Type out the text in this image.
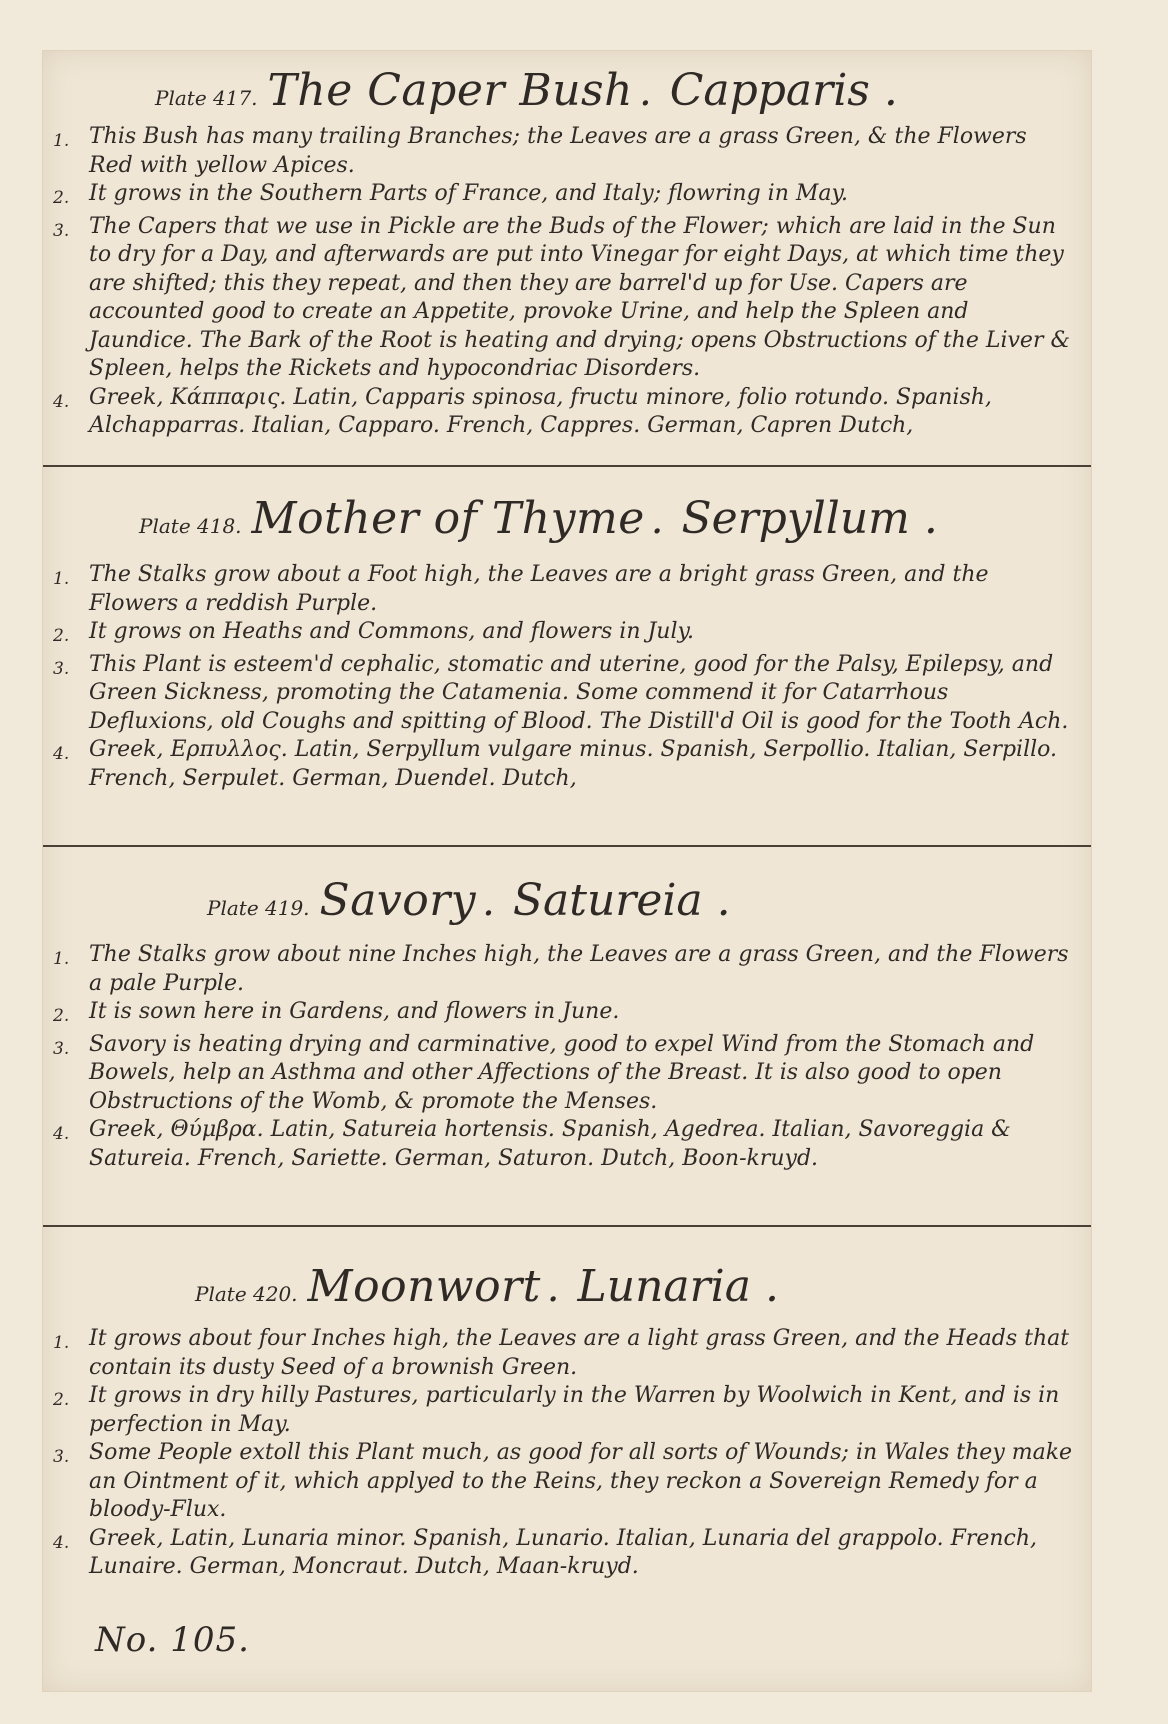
Plate 417. The Caper Bush . Capparis .
1. This Bush has many trailing Branches; the Leaves are a grass Green, & the Flowers Red with yellow Apices.
2. It grows in the Southern Parts of France, and Italy; flowring in May.
3. The Capers that we use in Pickle are the Buds of the Flower; which are laid in the Sun to dry for a Day, and afterwards are put into Vinegar for eight Days, at which time they are shifted; this they repeat, and then they are barrel'd up for Use. Capers are accounted good to create an Appetite, provoke Urine, and help the Spleen and Jaundice. The Bark of the Root is heating and drying; opens Obstructions of the Liver & Spleen, helps the Rickets and hypocondriac Disorders.
4. Greek, Κάππαρις. Latin, Capparis spinosa, fructu minore, folio rotundo. Spanish, Alchapparras. Italian, Capparo. French, Cappres. German, Capren Dutch,
Plate 418. Mother of Thyme . Serpyllum .
1. The Stalks grow about a Foot high, the Leaves are a bright grass Green, and the Flowers a reddish Purple.
2. It grows on Heaths and Commons, and flowers in July.
3. This Plant is esteem'd cephalic, stomatic and uterine, good for the Palsy, Epilepsy, and Green Sickness, promoting the Catamenia. Some commend it for Catarrhous Defluxions, old Coughs and spitting of Blood. The Distill'd Oil is good for the Tooth Ach.
4. Greek, Ερπυλλος. Latin, Serpyllum vulgare minus. Spanish, Serpollio. Italian, Serpillo. French, Serpulet. German, Duendel. Dutch,
Plate 419. Savory . Satureia .
1. The Stalks grow about nine Inches high, the Leaves are a grass Green, and the Flowers a pale Purple.
2. It is sown here in Gardens, and flowers in June.
3. Savory is heating drying and carminative, good to expel Wind from the Stomach and Bowels, help an Asthma and other Affections of the Breast. It is also good to open Obstructions of the Womb, & promote the Menses.
4. Greek, Θύμβρα. Latin, Satureia hortensis. Spanish, Agedrea. Italian, Savoreggia & Satureia. French, Sariette. German, Saturon. Dutch, Boon-kruyd.
Plate 420. Moonwort . Lunaria .
1. It grows about four Inches high, the Leaves are a light grass Green, and the Heads that contain its dusty Seed of a brownish Green.
2. It grows in dry hilly Pastures, particularly in the Warren by Woolwich in Kent, and is in perfection in May.
3. Some People extoll this Plant much, as good for all sorts of Wounds; in Wales they make an Ointment of it, which applyed to the Reins, they reckon a Sovereign Remedy for a bloody-Flux.
4. Greek, Latin, Lunaria minor. Spanish, Lunario. Italian, Lunaria del grappolo. French, Lunaire. German, Moncraut. Dutch, Maan-kruyd.
No. 105.
